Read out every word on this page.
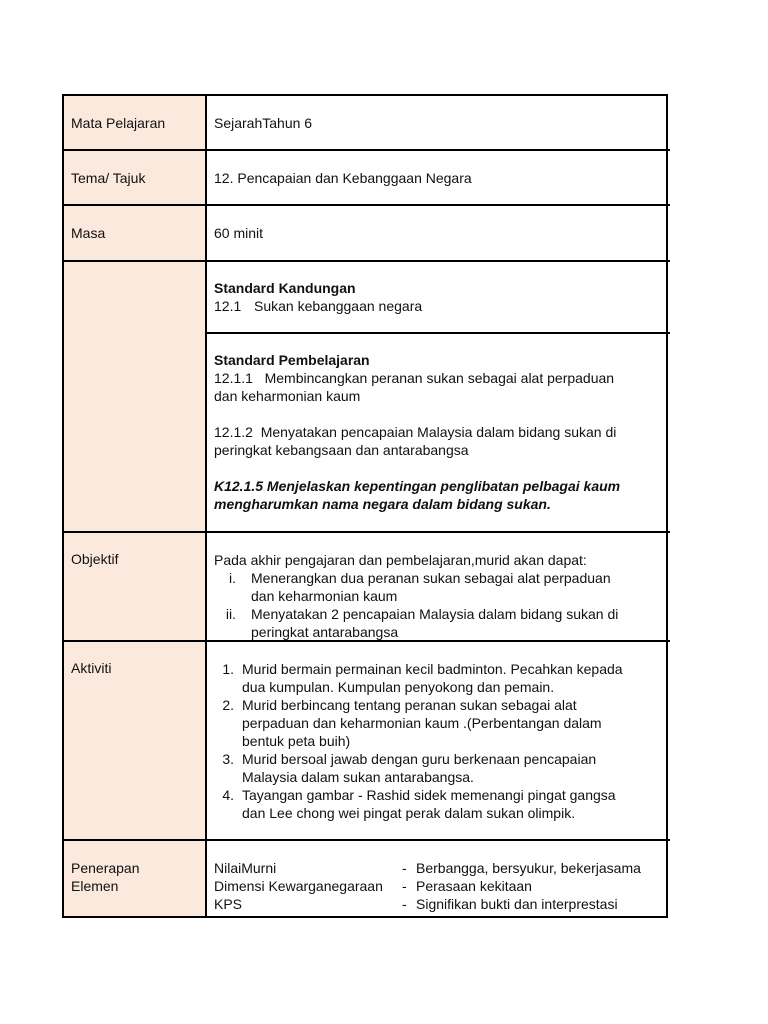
Mata Pelajaran	SejarahTahun 6
Tema/ Tajuk	12. Pencapaian dan Kebanggaan Negara
Masa	60 minit
Standard Kandungan
12.1 Sukan kebanggaan negara
Standard Pembelajaran
12.1.1   Membincangkan peranan sukan sebagai alat perpaduan
dan keharmonian kaum
12.1.2  Menyatakan pencapaian Malaysia dalam bidang sukan di
peringkat kebangsaan dan antarabangsa
K12.1.5 Menjelaskan kepentingan penglibatan pelbagai kaum
mengharumkan nama negara dalam bidang sukan.
Objektif	Pada akhir pengajaran dan pembelajaran,murid akan dapat:
i.	Menerangkan dua peranan sukan sebagai alat perpaduan
dan keharmonian kaum
ii.	Menyatakan 2 pencapaian Malaysia dalam bidang sukan di
peringkat antarabangsa
Aktiviti	1. Murid bermain permainan kecil badminton. Pecahkan kepada
dua kumpulan. Kumpulan penyokong dan pemain.
2. Murid berbincang tentang peranan sukan sebagai alat
perpaduan dan keharmonian kaum .(Perbentangan dalam
bentuk peta buih)
3. Murid bersoal jawab dengan guru berkenaan pencapaian
Malaysia dalam sukan antarabangsa.
4. Tayangan gambar - Rashid sidek memenangi pingat gangsa
dan Lee chong wei pingat perak dalam sukan olimpik.
Penerapan
Elemen
NilaiMurni	- Berbangga, bersyukur, bekerjasama
Dimensi Kewarganegaraan	- Perasaan kekitaan
KPS	- Signifikan bukti dan interprestasi
